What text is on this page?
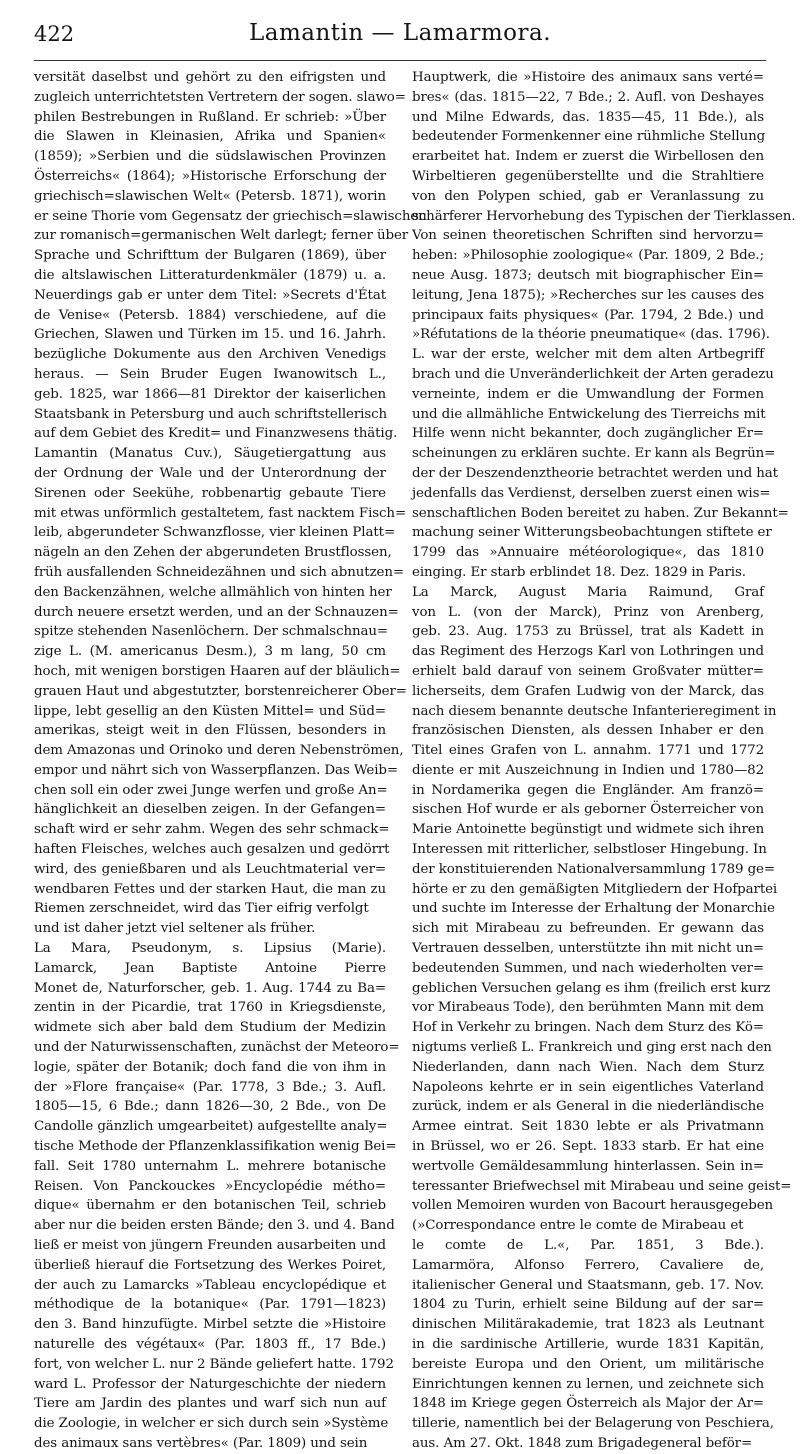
422	Lamantin — Lamarmora.
versität daselbst und gehört zu den eifrigsten und
zugleich unterrichtetsten Vertretern der sogen. slawo=
philen Bestrebungen in Rußland. Er schrieb: »Über
die Slawen in Kleinasien, Afrika und Spanien«
(1859); »Serbien und die südslawischen Provinzen
Österreichs« (1864); »Historische Erforschung der
griechisch=slawischen Welt« (Petersb. 1871), worin
er seine Thorie vom Gegensatz der griechisch=slawischen
zur romanisch=germanischen Welt darlegt; ferner über
Sprache und Schrifttum der Bulgaren (1869), über
die altslawischen Litteraturdenkmäler (1879) u. a.
Neuerdings gab er unter dem Titel: »Secrets d'État
de Venise« (Petersb. 1884) verschiedene, auf die
Griechen, Slawen und Türken im 15. und 16. Jahrh.
bezügliche Dokumente aus den Archiven Venedigs
heraus. — Sein Bruder Eugen Iwanowitsch L.,
geb. 1825, war 1866—81 Direktor der kaiserlichen
Staatsbank in Petersburg und auch schriftstellerisch
auf dem Gebiet des Kredit= und Finanzwesens thätig.
Lamantin (Manatus Cuv.), Säugetiergattung aus
der Ordnung der Wale und der Unterordnung der
Sirenen oder Seekühe, robbenartig gebaute Tiere
mit etwas unförmlich gestaltetem, fast nacktem Fisch=
leib, abgerundeter Schwanzflosse, vier kleinen Platt=
nägeln an den Zehen der abgerundeten Brustflossen,
früh ausfallenden Schneidezähnen und sich abnutzen=
den Backenzähnen, welche allmählich von hinten her
durch neuere ersetzt werden, und an der Schnauzen=
spitze stehenden Nasenlöchern. Der schmalschnau=
zige L. (M. americanus Desm.), 3 m lang, 50 cm
hoch, mit wenigen borstigen Haaren auf der bläulich=
grauen Haut und abgestutzter, borstenreicherer Ober=
lippe, lebt gesellig an den Küsten Mittel= und Süd=
amerikas, steigt weit in den Flüssen, besonders in
dem Amazonas und Orinoko und deren Nebenströmen,
empor und nährt sich von Wasserpflanzen. Das Weib=
chen soll ein oder zwei Junge werfen und große An=
hänglichkeit an dieselben zeigen. In der Gefangen=
schaft wird er sehr zahm. Wegen des sehr schmack=
haften Fleisches, welches auch gesalzen und gedörrt
wird, des genießbaren und als Leuchtmaterial ver=
wendbaren Fettes und der starken Haut, die man zu
Riemen zerschneidet, wird das Tier eifrig verfolgt
und ist daher jetzt viel seltener als früher.
La Mara, Pseudonym, s. Lipsius (Marie).
Lamarck, Jean Baptiste Antoine Pierre
Monet de, Naturforscher, geb. 1. Aug. 1744 zu Ba=
zentin in der Picardie, trat 1760 in Kriegsdienste,
widmete sich aber bald dem Studium der Medizin
und der Naturwissenschaften, zunächst der Meteoro=
logie, später der Botanik; doch fand die von ihm in
der »Flore française« (Par. 1778, 3 Bde.; 3. Aufl.
1805—15, 6 Bde.; dann 1826—30, 2 Bde., von De
Candolle gänzlich umgearbeitet) aufgestellte analy=
tische Methode der Pflanzenklassifikation wenig Bei=
fall. Seit 1780 unternahm L. mehrere botanische
Reisen. Von Panckouckes »Encyclopédie métho=
dique« übernahm er den botanischen Teil, schrieb
aber nur die beiden ersten Bände; den 3. und 4. Band
ließ er meist von jüngern Freunden ausarbeiten und
überließ hierauf die Fortsetzung des Werkes Poiret,
der auch zu Lamarcks »Tableau encyclopédique et
méthodique de la botanique« (Par. 1791—1823)
den 3. Band hinzufügte. Mirbel setzte die »Histoire
naturelle des végétaux« (Par. 1803 ff., 17 Bde.)
fort, von welcher L. nur 2 Bände geliefert hatte. 1792
ward L. Professor der Naturgeschichte der niedern
Tiere am Jardin des plantes und warf sich nun auf
die Zoologie, in welcher er sich durch sein »Système
des animaux sans vertèbres« (Par. 1809) und sein
Hauptwerk, die »Histoire des animaux sans verté=
bres« (das. 1815—22, 7 Bde.; 2. Aufl. von Deshayes
und Milne Edwards, das. 1835—45, 11 Bde.), als
bedeutender Formenkenner eine rühmliche Stellung
erarbeitet hat. Indem er zuerst die Wirbellosen den
Wirbeltieren gegenüberstellte und die Strahltiere
von den Polypen schied, gab er Veranlassung zu
schärferer Hervorhebung des Typischen der Tierklassen.
Von seinen theoretischen Schriften sind hervorzu=
heben: »Philosophie zoologique« (Par. 1809, 2 Bde.;
neue Ausg. 1873; deutsch mit biographischer Ein=
leitung, Jena 1875); »Recherches sur les causes des
principaux faits physiques« (Par. 1794, 2 Bde.) und
»Réfutations de la théorie pneumatique« (das. 1796).
L. war der erste, welcher mit dem alten Artbegriff
brach und die Unveränderlichkeit der Arten geradezu
verneinte, indem er die Umwandlung der Formen
und die allmähliche Entwickelung des Tierreichs mit
Hilfe wenn nicht bekannter, doch zugänglicher Er=
scheinungen zu erklären suchte. Er kann als Begrün=
der der Deszendenztheorie betrachtet werden und hat
jedenfalls das Verdienst, derselben zuerst einen wis=
senschaftlichen Boden bereitet zu haben. Zur Bekannt=
machung seiner Witterungsbeobachtungen stiftete er
1799 das »Annuaire météorologique«, das 1810
einging. Er starb erblindet 18. Dez. 1829 in Paris.
La Marck, August Maria Raimund, Graf
von L. (von der Marck), Prinz von Arenberg,
geb. 23. Aug. 1753 zu Brüssel, trat als Kadett in
das Regiment des Herzogs Karl von Lothringen und
erhielt bald darauf von seinem Großvater mütter=
licherseits, dem Grafen Ludwig von der Marck, das
nach diesem benannte deutsche Infanterieregiment in
französischen Diensten, als dessen Inhaber er den
Titel eines Grafen von L. annahm. 1771 und 1772
diente er mit Auszeichnung in Indien und 1780—82
in Nordamerika gegen die Engländer. Am franzö=
sischen Hof wurde er als geborner Österreicher von
Marie Antoinette begünstigt und widmete sich ihren
Interessen mit ritterlicher, selbstloser Hingebung. In
der konstituierenden Nationalversammlung 1789 ge=
hörte er zu den gemäßigten Mitgliedern der Hofpartei
und suchte im Interesse der Erhaltung der Monarchie
sich mit Mirabeau zu befreunden. Er gewann das
Vertrauen desselben, unterstützte ihn mit nicht un=
bedeutenden Summen, und nach wiederholten ver=
geblichen Versuchen gelang es ihm (freilich erst kurz
vor Mirabeaus Tode), den berühmten Mann mit dem
Hof in Verkehr zu bringen. Nach dem Sturz des Kö=
nigtums verließ L. Frankreich und ging erst nach den
Niederlanden, dann nach Wien. Nach dem Sturz
Napoleons kehrte er in sein eigentliches Vaterland
zurück, indem er als General in die niederländische
Armee eintrat. Seit 1830 lebte er als Privatmann
in Brüssel, wo er 26. Sept. 1833 starb. Er hat eine
wertvolle Gemäldesammlung hinterlassen. Sein in=
teressanter Briefwechsel mit Mirabeau und seine geist=
vollen Memoiren wurden von Bacourt herausgegeben
(»Correspondance entre le comte de Mirabeau et
le comte de L.«, Par. 1851, 3 Bde.).
Lamarmöra, Alfonso Ferrero, Cavaliere de,
italienischer General und Staatsmann, geb. 17. Nov.
1804 zu Turin, erhielt seine Bildung auf der sar=
dinischen Militärakademie, trat 1823 als Leutnant
in die sardinische Artillerie, wurde 1831 Kapitän,
bereiste Europa und den Orient, um militärische
Einrichtungen kennen zu lernen, und zeichnete sich
1848 im Kriege gegen Österreich als Major der Ar=
tillerie, namentlich bei der Belagerung von Peschiera,
aus. Am 27. Okt. 1848 zum Brigadegeneral beför=
